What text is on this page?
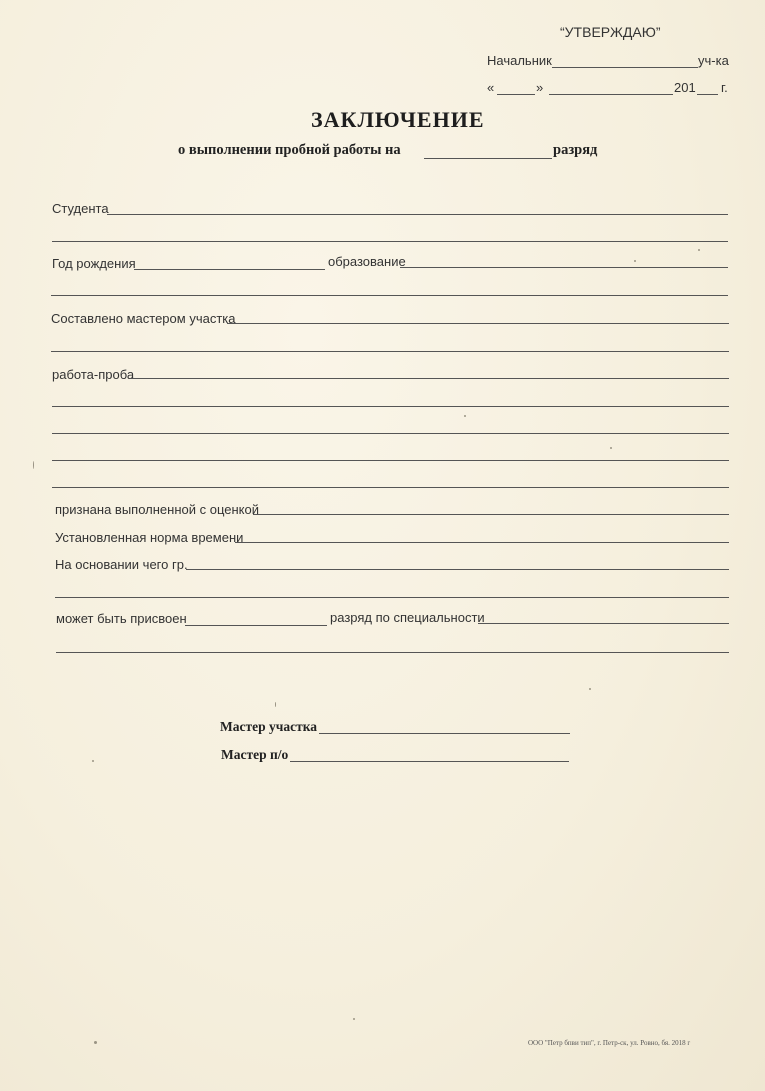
“УТВЕРЖДАЮ”
Начальник	уч-ка
«	»	201 г.
ЗАКЛЮЧЕНИЕ
о выполнении пробной работы на	разряд
Студента
Год рождения	образование
Составлено мастером участка
работа-проба
признана выполненной с оценкой
Установленная норма времени
На основании чего гр.
может быть присвоен	разряд по специальности
Мастер участка
Мастер п/о
ООО "Петр бпви тип", г. Петр-ск, ул. Ровно, бя. 2018 г
